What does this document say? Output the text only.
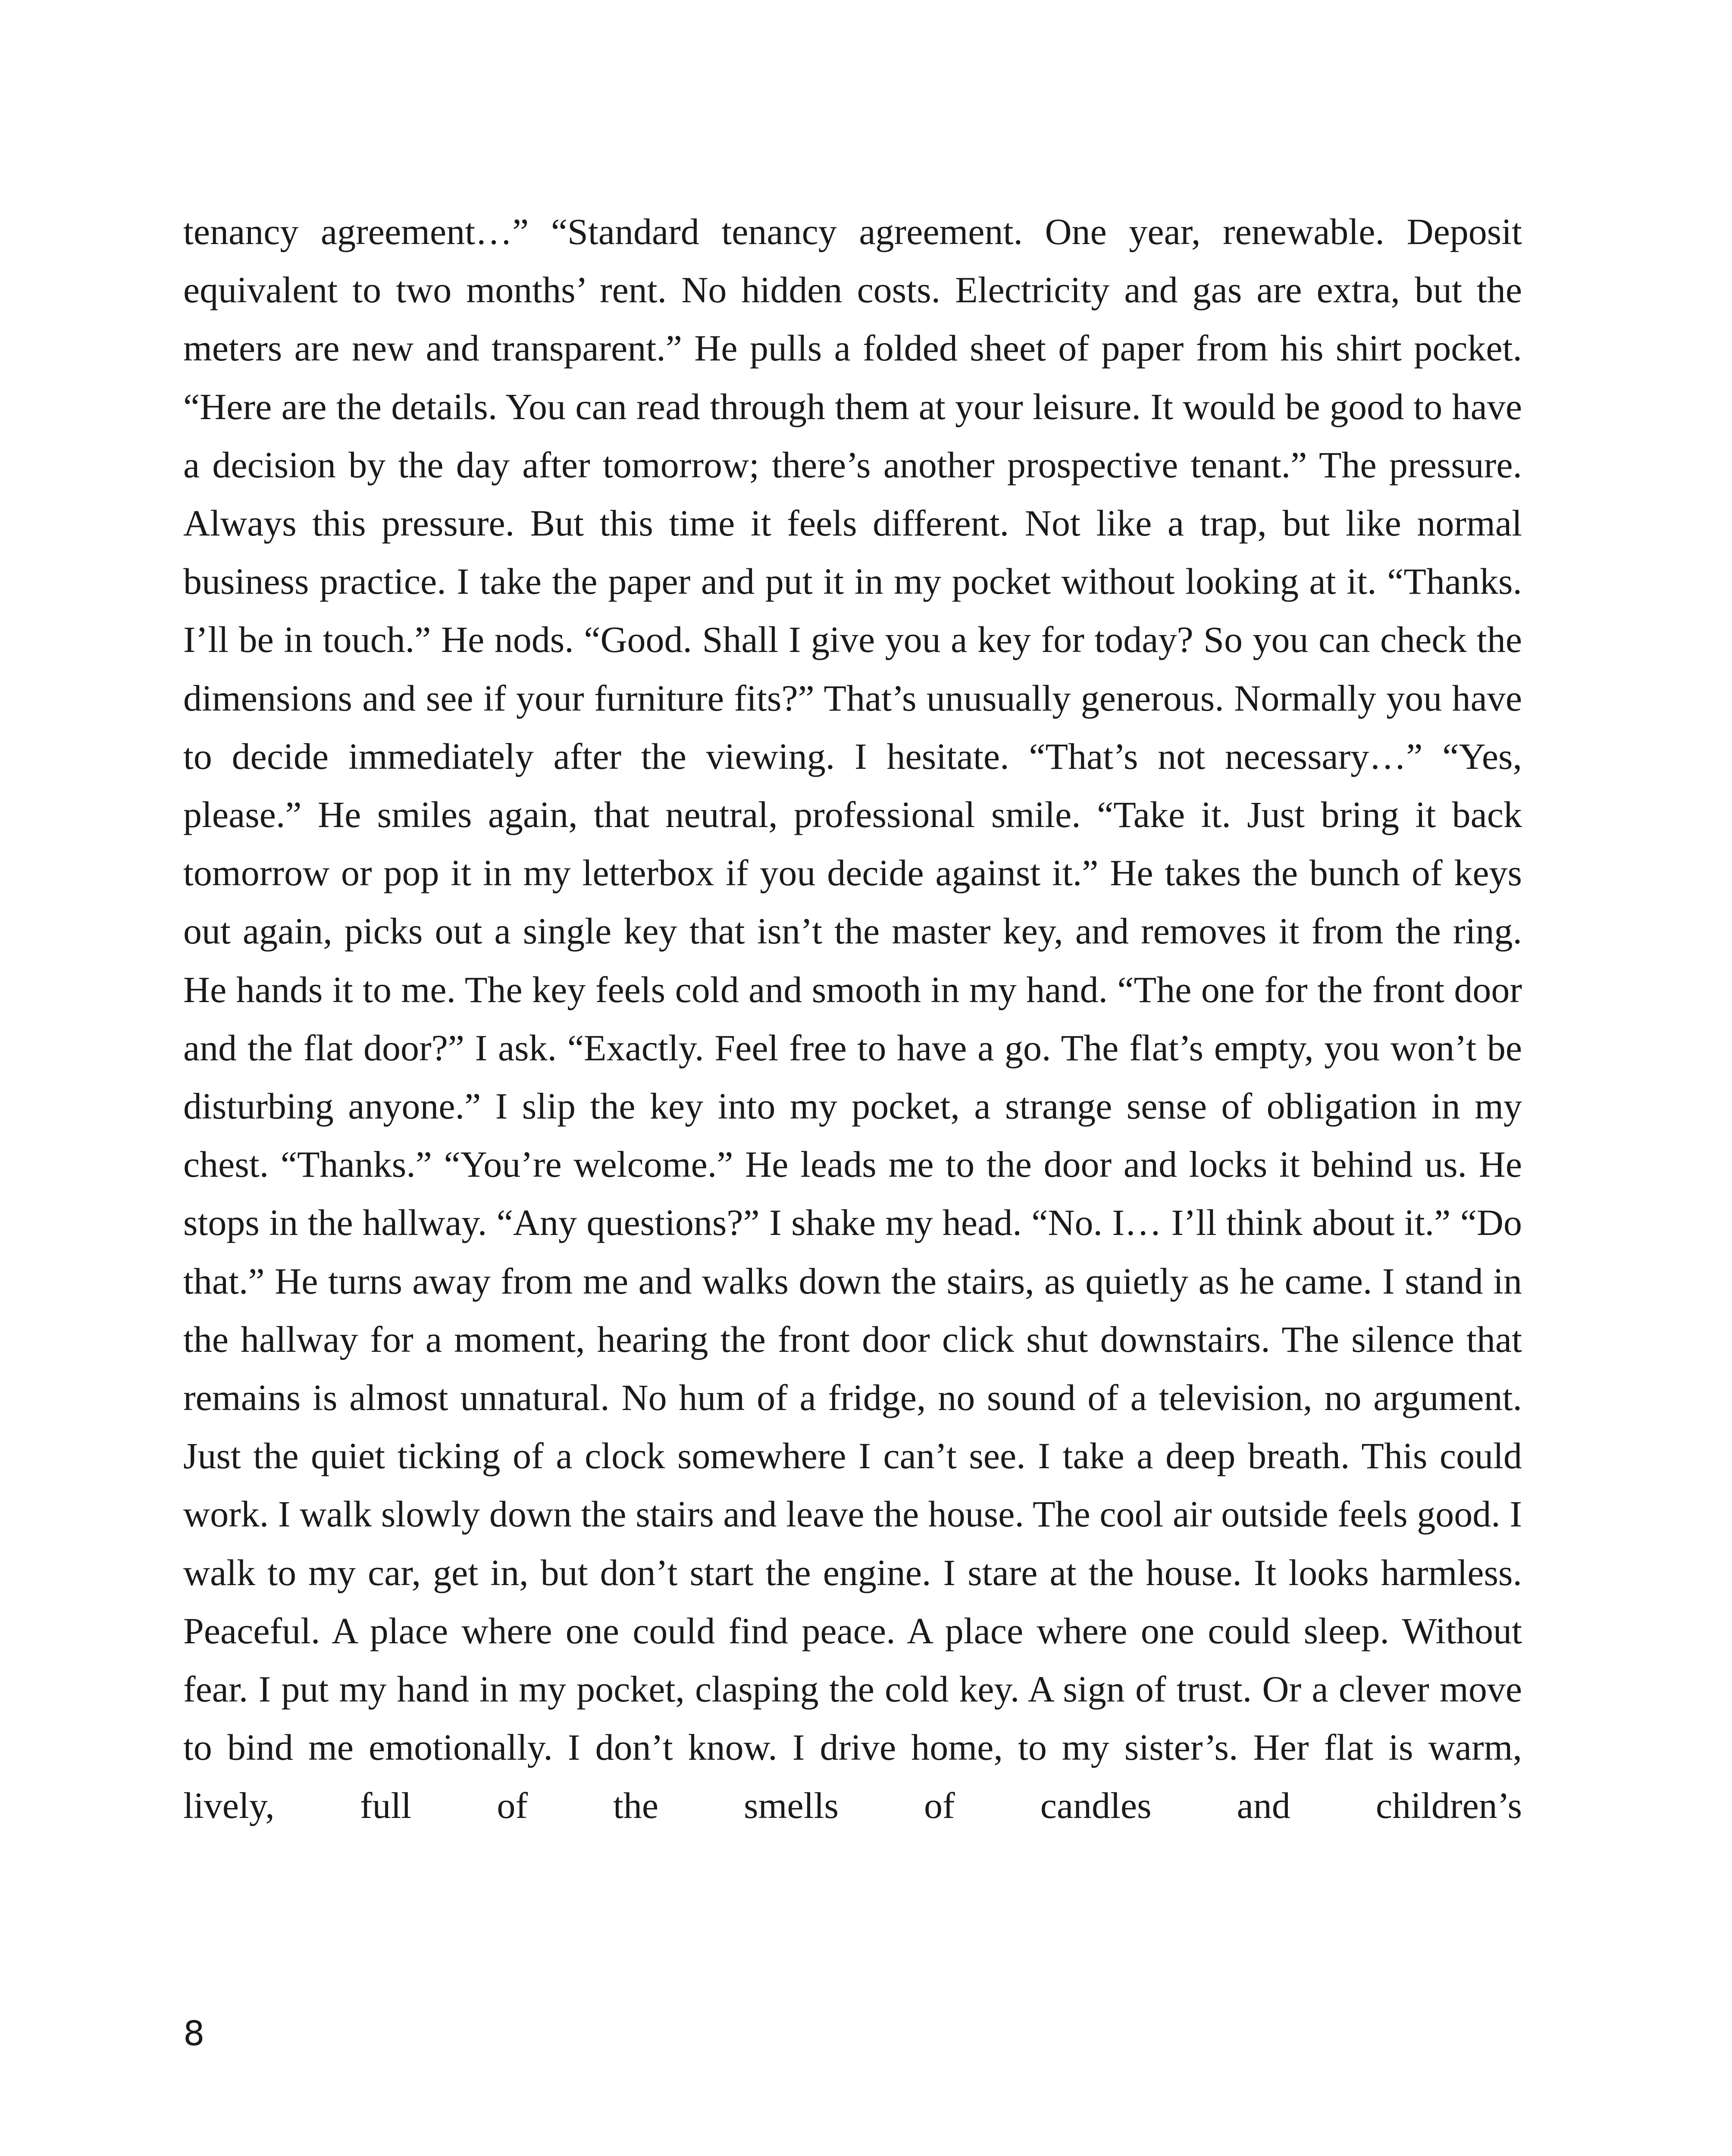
tenancy agreement…” “Standard tenancy agreement. One year, renewable. Deposit equivalent to two months’ rent. No hidden costs. Electricity and gas are extra, but the meters are new and transparent.” He pulls a folded sheet of paper from his shirt pocket. “Here are the details. You can read through them at your leisure. It would be good to have a decision by the day after tomorrow; there’s another prospective tenant.” The pressure. Always this pressure. But this time it feels different. Not like a trap, but like normal business practice. I take the paper and put it in my pocket without looking at it. “Thanks. I’ll be in touch.” He nods. “Good. Shall I give you a key for today? So you can check the dimensions and see if your furniture fits?” That’s unusually generous. Normally you have to decide immediately after the viewing. I hesitate. “That’s not necessary…” “Yes, please.” He smiles again, that neutral, professional smile. “Take it. Just bring it back tomorrow or pop it in my letterbox if you decide against it.” He takes the bunch of keys out again, picks out a single key that isn’t the master key, and removes it from the ring. He hands it to me. The key feels cold and smooth in my hand. “The one for the front door and the flat door?” I ask. “Exactly. Feel free to have a go. The flat’s empty, you won’t be disturbing anyone.” I slip the key into my pocket, a strange sense of obligation in my chest. “Thanks.” “You’re welcome.” He leads me to the door and locks it behind us. He stops in the hallway. “Any questions?” I shake my head. “No. I… I’ll think about it.” “Do that.” He turns away from me and walks down the stairs, as quietly as he came. I stand in the hallway for a moment, hearing the front door click shut downstairs. The silence that remains is almost unnatural. No hum of a fridge, no sound of a television, no argument. Just the quiet ticking of a clock somewhere I can’t see. I take a deep breath. This could work. I walk slowly down the stairs and leave the house. The cool air outside feels good. I walk to my car, get in, but don’t start the engine. I stare at the house. It looks harmless. Peaceful. A place where one could find peace. A place where one could sleep. Without fear. I put my hand in my pocket, clasping the cold key. A sign of trust. Or a clever move to bind me emotionally. I don’t know. I drive home, to my sister’s. Her flat is warm, lively, full of the smells of candles and children’s

8
